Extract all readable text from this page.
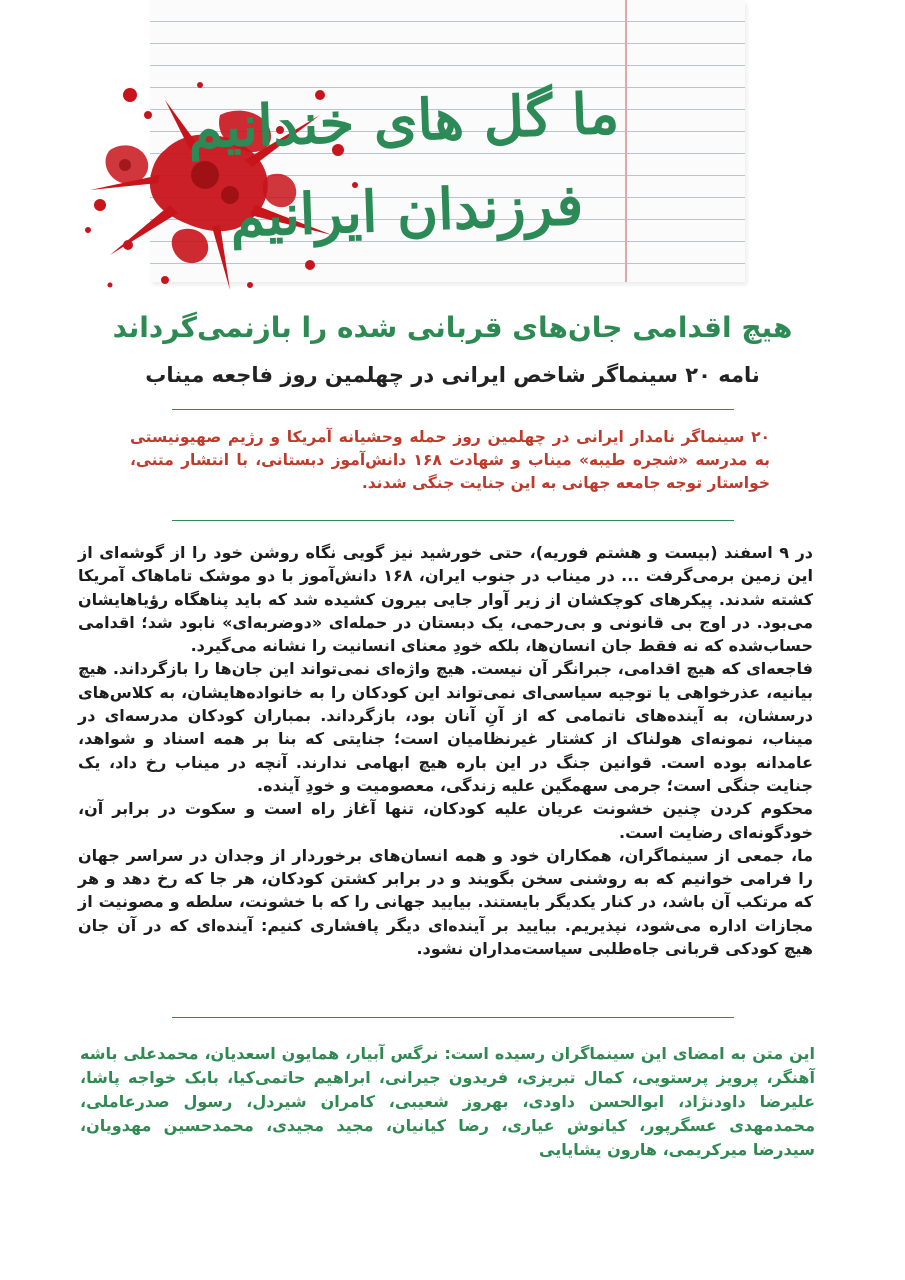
ما گل های خندانیم
فرزندان ایرانیم
هیچ اقدامی جان‌های قربانی شده را بازنمی‌گرداند
نامه ۲۰ سینماگر شاخص ایرانی در چهلمین روز فاجعه میناب
۲۰ سینماگر نامدار ایرانی در چهلمین روز حمله وحشیانه آمریکا و رژیم صهیونیستی به مدرسه «شجره طیبه» میناب و شهادت ۱۶۸ دانش‌آموز دبستانی، با انتشار متنی، خواستار توجه جامعه جهانی به این جنایت جنگی شدند.

در ۹ اسفند (بیست و هشتم فوریه)، حتی خورشید نیز گویی نگاه روشن خود را از گوشه‌ای از این زمین برمی‌گرفت ... در میناب در جنوب ایران، ۱۶۸ دانش‌آموز با دو موشک تاماهاک آمریکا کشته شدند. پیکرهای کوچکشان از زیر آوار جایی بیرون کشیده شد که باید پناهگاه رؤیاهایشان می‌بود. در اوج بی قانونی و بی‌رحمی، یک دبستان در حمله‌ای «دوضربه‌ای» نابود شد؛ اقدامی حساب‌شده که نه فقط جان انسان‌ها، بلکه خودِ معنای انسانیت را نشانه می‌گیرد.

فاجعه‌ای که هیچ اقدامی، جبرانگر آن نیست. هیچ واژه‌ای نمی‌تواند این جان‌ها را بازگرداند. هیچ بیانیه، عذرخواهی یا توجیه سیاسی‌ای نمی‌تواند این کودکان را به خانواده‌هایشان، به کلاس‌های درسشان، به آینده‌های ناتمامی که از آنِ آنان بود، بازگرداند. بمباران کودکان مدرسه‌ای در میناب، نمونه‌ای هولناک از کشتار غیرنظامیان است؛ جنایتی که بنا بر همه اسناد و شواهد، عامدانه بوده است. قوانین جنگ در این باره هیچ ابهامی ندارند. آنچه در میناب رخ داد، یک جنایت جنگی است؛ جرمی سهمگین علیه زندگی، معصومیت و خودِ آینده.

محکوم کردن چنین خشونت عریان علیه کودکان، تنها آغاز راه است و سکوت در برابر آن، خودگونه‌ای رضایت است.

ما، جمعی از سینماگران، همکاران خود و همه انسان‌های برخوردار از وجدان در سراسر جهان را فرامی خوانیم که به روشنی سخن بگویند و در برابر کشتن کودکان، هر جا که رخ دهد و هر که مرتکب آن باشد، در کنار یکدیگر بایستند. بیایید جهانی را که با خشونت، سلطه و مصونیت از مجازات اداره می‌شود، نپذیریم. بیایید بر آینده‌ای دیگر پافشاری کنیم: آینده‌ای که در آن جان هیچ کودکی قربانی جاه‌طلبی سیاست‌مداران نشود.

این متن به امضای این سینماگران رسیده است: نرگس آبیار، همایون اسعدیان، محمدعلی باشه آهنگر، پرویز پرستویی، کمال تبریزی، فریدون جیرانی، ابراهیم حاتمی‌کیا، بابک خواجه پاشا، علیرضا داودنژاد، ابوالحسن داودی، بهروز شعیبی، کامران شیردل، رسول صدرعاملی، محمدمهدی عسگرپور، کیانوش عیاری، رضا کیانیان، مجید مجیدی، محمدحسین مهدویان، سیدرضا میرکریمی، هارون یشایایی
